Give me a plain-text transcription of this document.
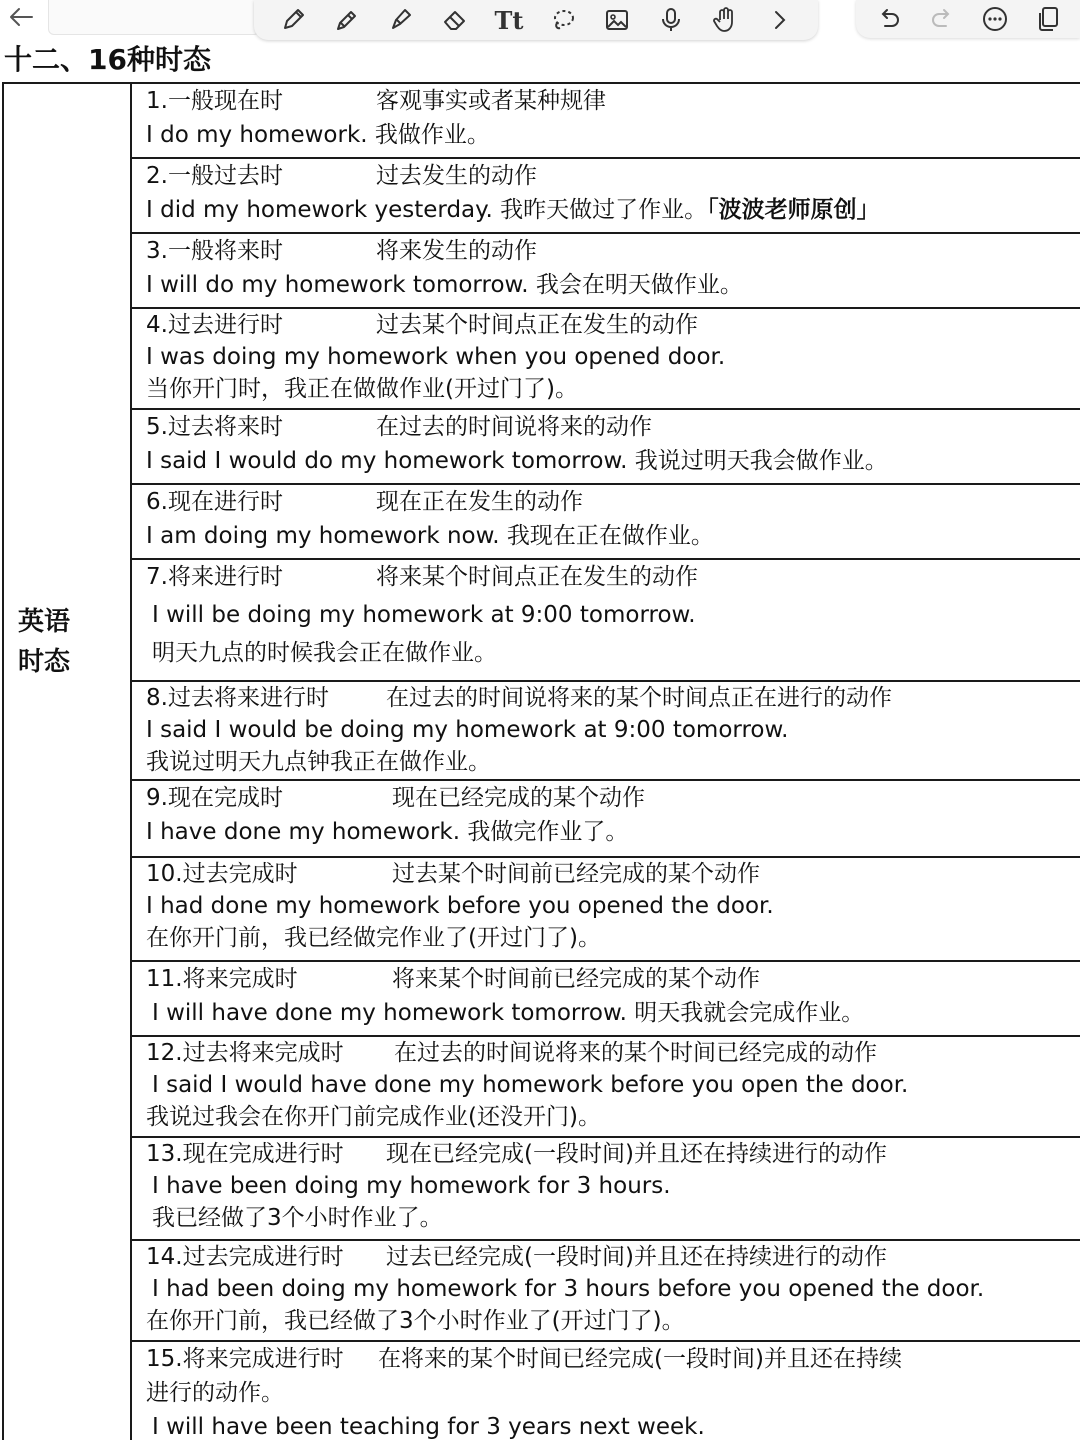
Tt
十二、16种时态
英语
时态
1.一般现在时	客观事实或者某种规律
I do my homework. 我做作业。
2.一般过去时	过去发生的动作
I did my homework yesterday. 我昨天做过了作业。「波波老师原创」
3.一般将来时	将来发生的动作
I will do my homework tomorrow. 我会在明天做作业。
4.过去进行时	过去某个时间点正在发生的动作
I was doing my homework when you opened door.
当你开门时，我正在做做作业(开过门了)。
5.过去将来时	在过去的时间说将来的动作
I said I would do my homework tomorrow. 我说过明天我会做作业。
6.现在进行时	现在正在发生的动作
I am doing my homework now. 我现在正在做作业。
7.将来进行时	将来某个时间点正在发生的动作
I will be doing my homework at 9:00 tomorrow.
明天九点的时候我会正在做作业。
8.过去将来进行时 在过去的时间说将来的某个时间点正在进行的动作
I said I would be doing my homework at 9:00 tomorrow.
我说过明天九点钟我正在做作业。
9.现在完成时	现在已经完成的某个动作
I have done my homework. 我做完作业了。
10.过去完成时	过去某个时间前已经完成的某个动作
I had done my homework before you opened the door.
在你开门前，我已经做完作业了(开过门了)。
11.将来完成时	将来某个时间前已经完成的某个动作
I will have done my homework tomorrow. 明天我就会完成作业。
12.过去将来完成时 在过去的时间说将来的某个时间已经完成的动作
I said I would have done my homework before you open the door.
我说过我会在你开门前完成作业(还没开门)。
13.现在完成进行时 现在已经完成(一段时间)并且还在持续进行的动作
I have been doing my homework for 3 hours.
我已经做了3个小时作业了。
14.过去完成进行时 过去已经完成(一段时间)并且还在持续进行的动作
I had been doing my homework for 3 hours before you opened the door.
在你开门前，我已经做了3个小时作业了(开过门了)。
15.将来完成进行时 在将来的某个时间已经完成(一段时间)并且还在持续
进行的动作。
I will have been teaching for 3 years next week.
